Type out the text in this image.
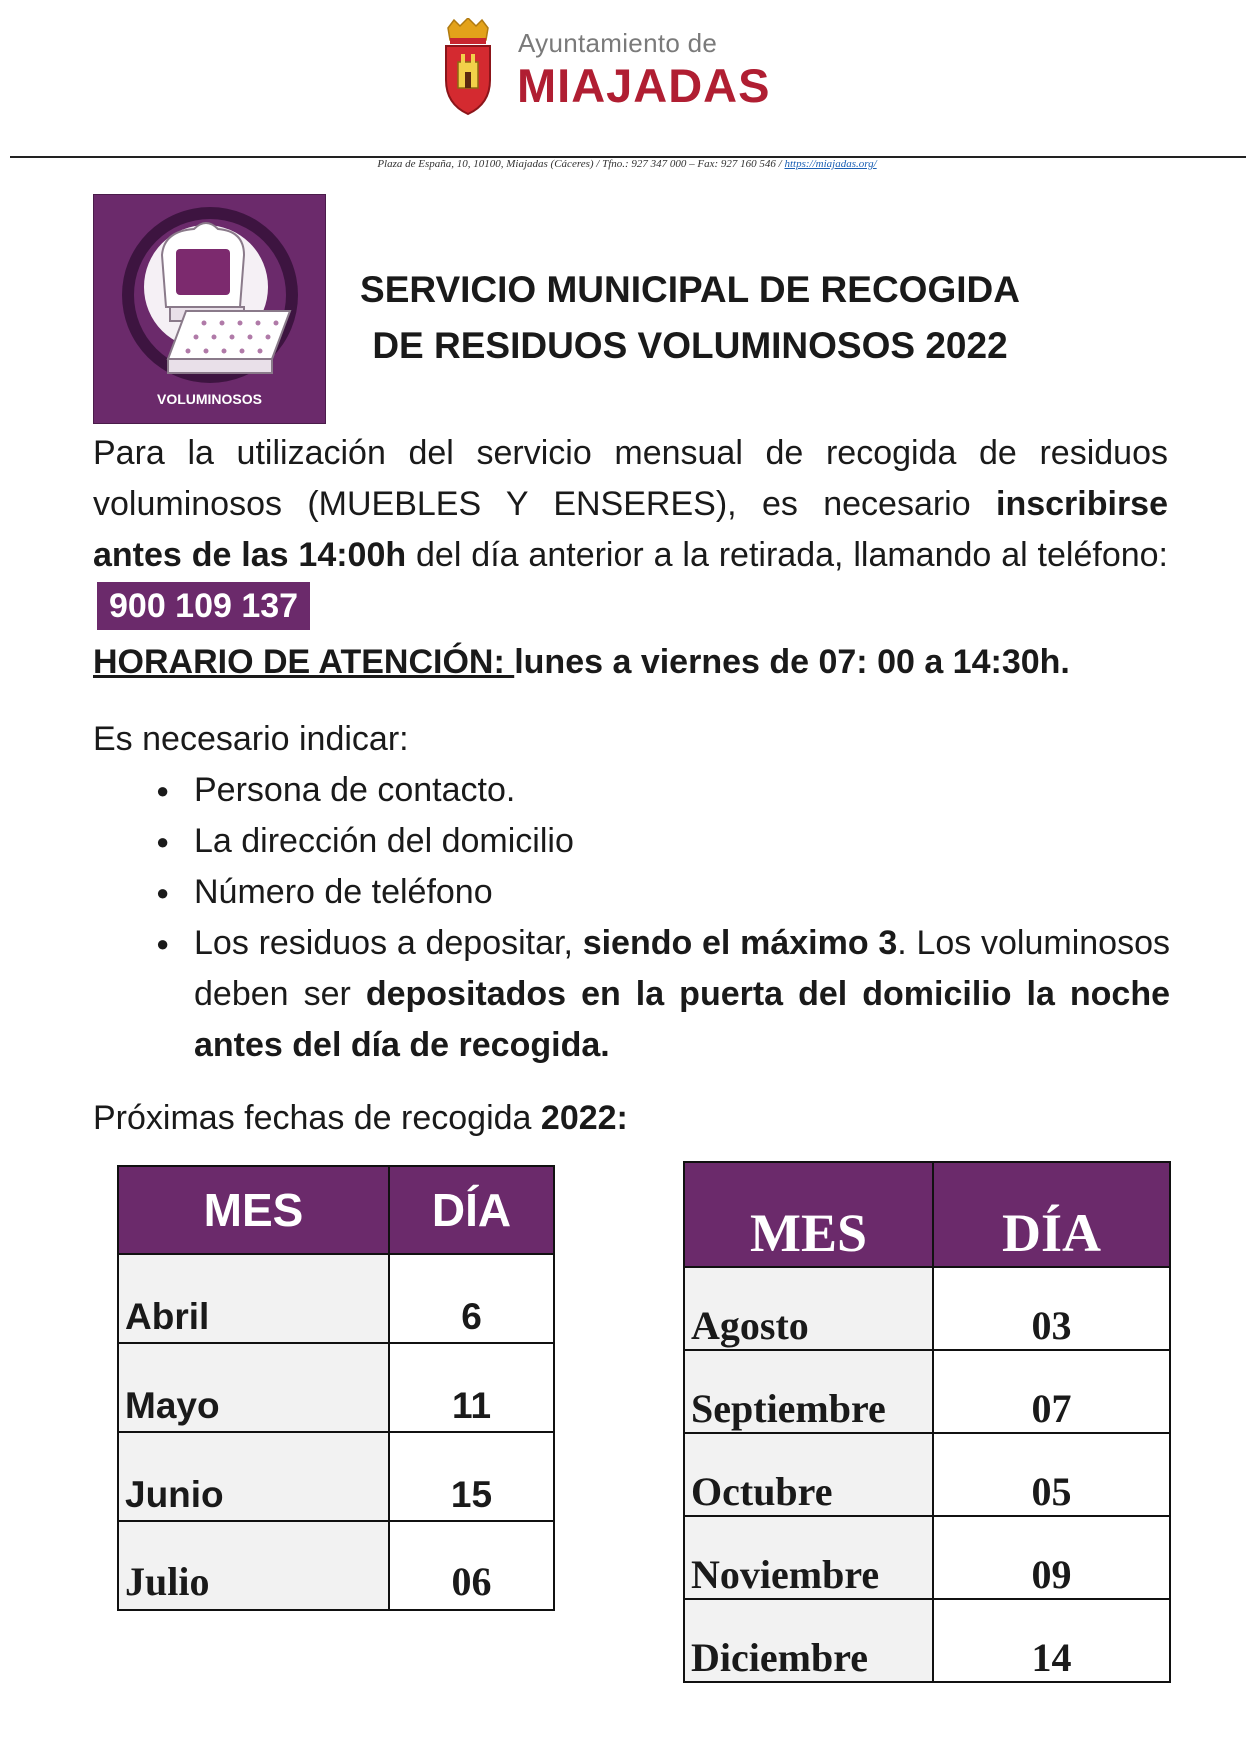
Ayuntamiento de
MIAJADAS
Plaza de España, 10, 10100, Miajadas (Cáceres) / Tfno.: 927 347 000 – Fax: 927 160 546 / https://miajadas.org/
VOLUMINOSOS
SERVICIO MUNICIPAL DE RECOGIDA
DE RESIDUOS VOLUMINOSOS 2022
Para la utilización del servicio mensual de recogida de residuos voluminosos (MUEBLES Y ENSERES), es necesario inscribirse antes de las 14:00h del día anterior a la retirada, llamando al teléfono: 900 109 137
HORARIO DE ATENCIÓN: lunes a viernes de 07: 00 a 14:30h.
Es necesario indicar:
● Persona de contacto.
● La dirección del domicilio
● Número de teléfono
● Los residuos a depositar, siendo el máximo 3. Los voluminosos deben ser depositados en la puerta del domicilio la noche antes del día de recogida.
Próximas fechas de recogida 2022:
MES	DÍA
Abril	6
Mayo	11
Junio	15
Julio	06
MES	DÍA
Agosto	03
Septiembre	07
Octubre	05
Noviembre	09
Diciembre	14
